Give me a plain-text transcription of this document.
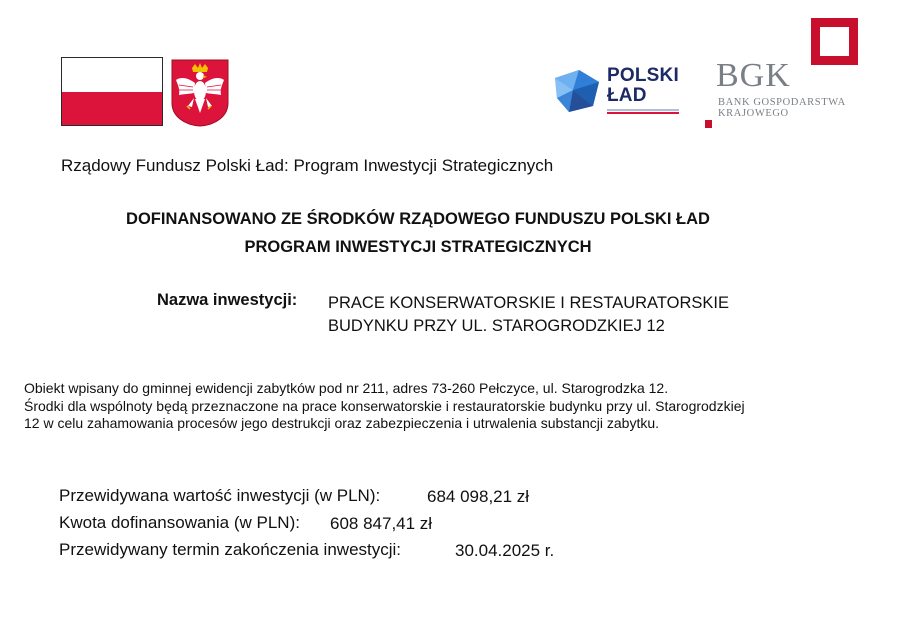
POLSKI
ŁAD
BGK
BANK GOSPODARSTWA
KRAJOWEGO
Rządowy Fundusz Polski Ład: Program Inwestycji Strategicznych
DOFINANSOWANO ZE ŚRODKÓW RZĄDOWEGO FUNDUSZU POLSKI ŁAD
PROGRAM INWESTYCJI STRATEGICZNYCH
Nazwa inwestycji: PRACE KONSERWATORSKIE I RESTAURATORSKIE
BUDYNKU PRZY UL. STAROGRODZKIEJ 12
Obiekt wpisany do gminnej ewidencji zabytków pod nr 211, adres 73-260 Pełczyce, ul. Starogrodzka 12.
Środki dla wspólnoty będą przeznaczone na prace konserwatorskie i restauratorskie budynku przy ul. Starogrodzkiej
12 w celu zahamowania procesów jego destrukcji oraz zabezpieczenia i utrwalenia substancji zabytku.
Przewidywana wartość inwestycji (w PLN):	684 098,21 zł
Kwota dofinansowania (w PLN): 608 847,41 zł
Przewidywany termin zakończenia inwestycji:	30.04.2025 r.
